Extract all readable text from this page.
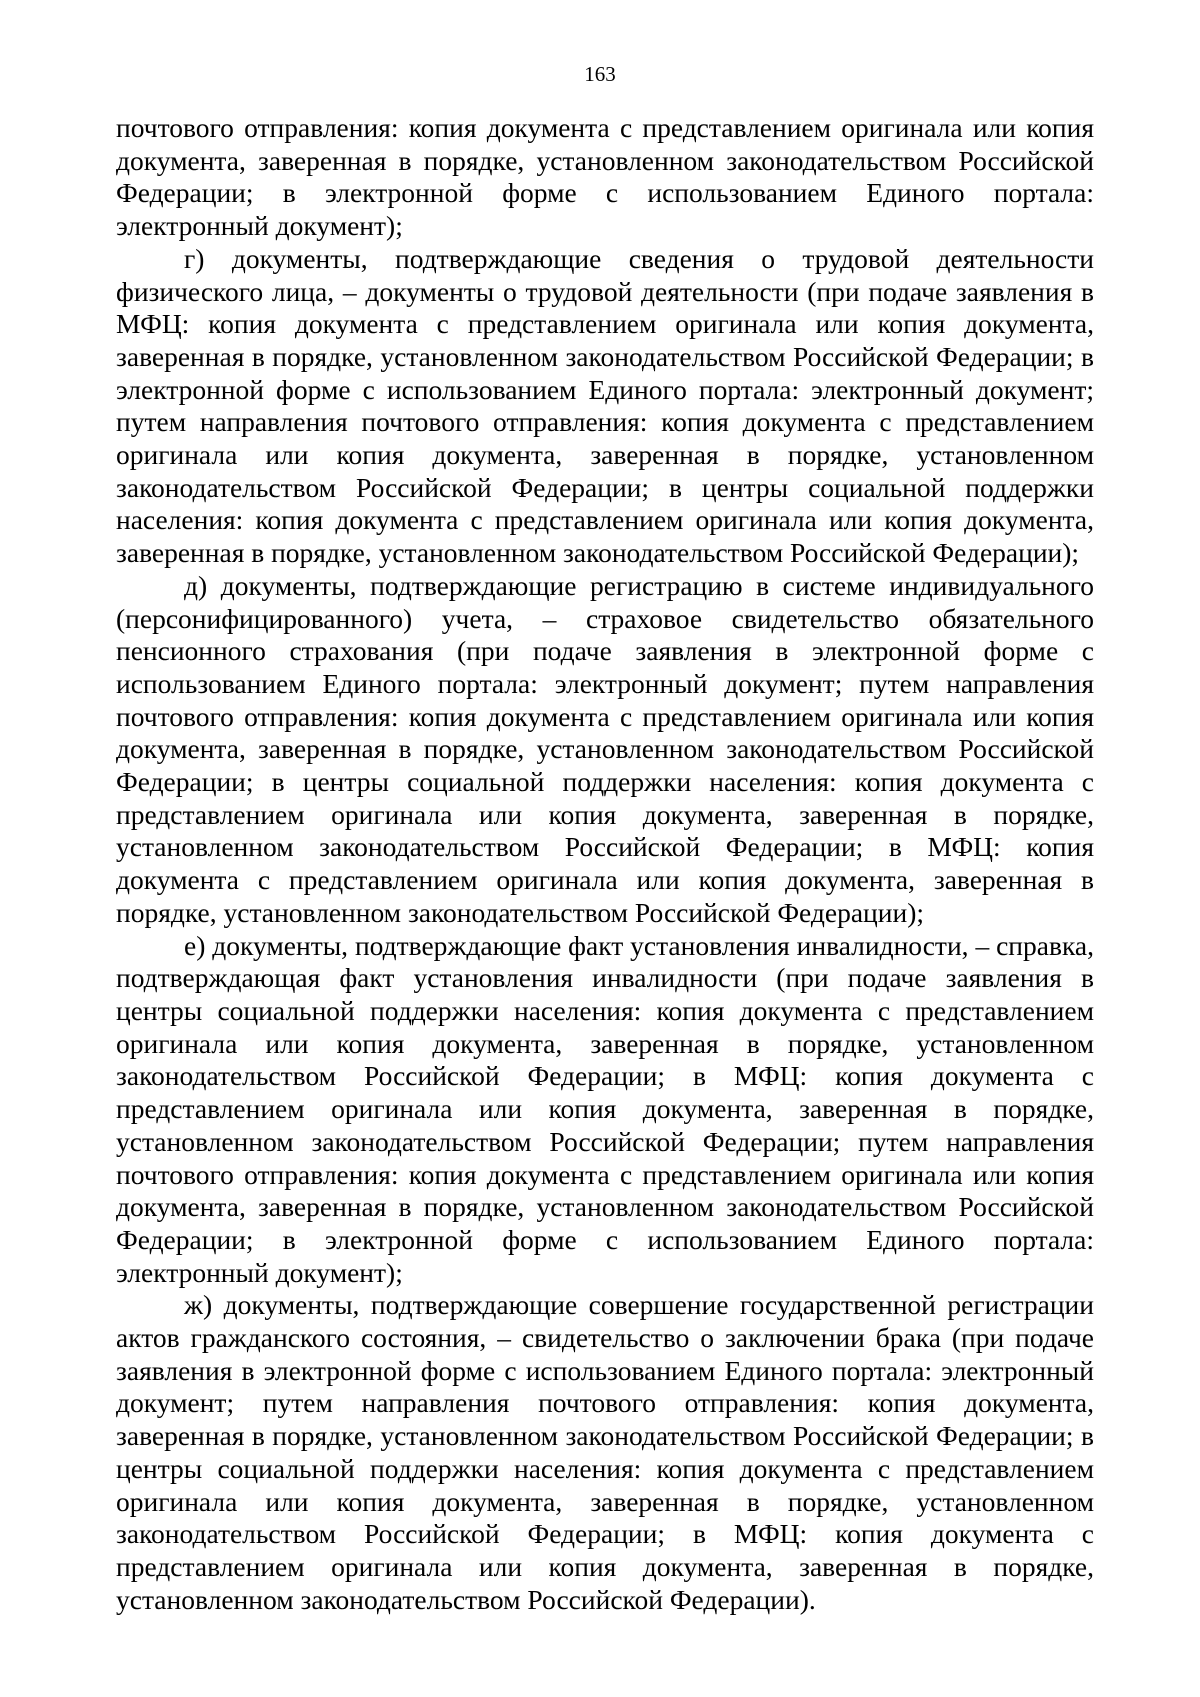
163

почтового отправления: копия документа с представлением оригинала или копия документа, заверенная в порядке, установленном законодательством Российской Федерации; в электронной форме с использованием Единого портала: электронный документ);

г) документы, подтверждающие сведения о трудовой деятельности физического лица, – документы о трудовой деятельности (при подаче заявления в МФЦ: копия документа с представлением оригинала или копия документа, заверенная в порядке, установленном законодательством Российской Федерации; в электронной форме с использованием Единого портала: электронный документ; путем направления почтового отправления: копия документа с представлением оригинала или копия документа, заверенная в порядке, установленном законодательством Российской Федерации; в центры социальной поддержки населения: копия документа с представлением оригинала или копия документа, заверенная в порядке, установленном законодательством Российской Федерации);

д) документы, подтверждающие регистрацию в системе индивидуального (персонифицированного) учета, – страховое свидетельство обязательного пенсионного страхования (при подаче заявления в электронной форме с использованием Единого портала: электронный документ; путем направления почтового отправления: копия документа с представлением оригинала или копия документа, заверенная в порядке, установленном законодательством Российской Федерации; в центры социальной поддержки населения: копия документа с представлением оригинала или копия документа, заверенная в порядке, установленном законодательством Российской Федерации; в МФЦ: копия документа с представлением оригинала или копия документа, заверенная в порядке, установленном законодательством Российской Федерации);

е) документы, подтверждающие факт установления инвалидности, – справка, подтверждающая факт установления инвалидности (при подаче заявления в центры социальной поддержки населения: копия документа с представлением оригинала или копия документа, заверенная в порядке, установленном законодательством Российской Федерации; в МФЦ: копия документа с представлением оригинала или копия документа, заверенная в порядке, установленном законодательством Российской Федерации; путем направления почтового отправления: копия документа с представлением оригинала или копия документа, заверенная в порядке, установленном законодательством Российской Федерации; в электронной форме с использованием Единого портала: электронный документ);

ж) документы, подтверждающие совершение государственной регистрации актов гражданского состояния, – свидетельство о заключении брака (при подаче заявления в электронной форме с использованием Единого портала: электронный документ; путем направления почтового отправления: копия документа, заверенная в порядке, установленном законодательством Российской Федерации; в центры социальной поддержки населения: копия документа с представлением оригинала или копия документа, заверенная в порядке, установленном законодательством Российской Федерации; в МФЦ: копия документа с представлением оригинала или копия документа, заверенная в порядке, установленном законодательством Российской Федерации).
